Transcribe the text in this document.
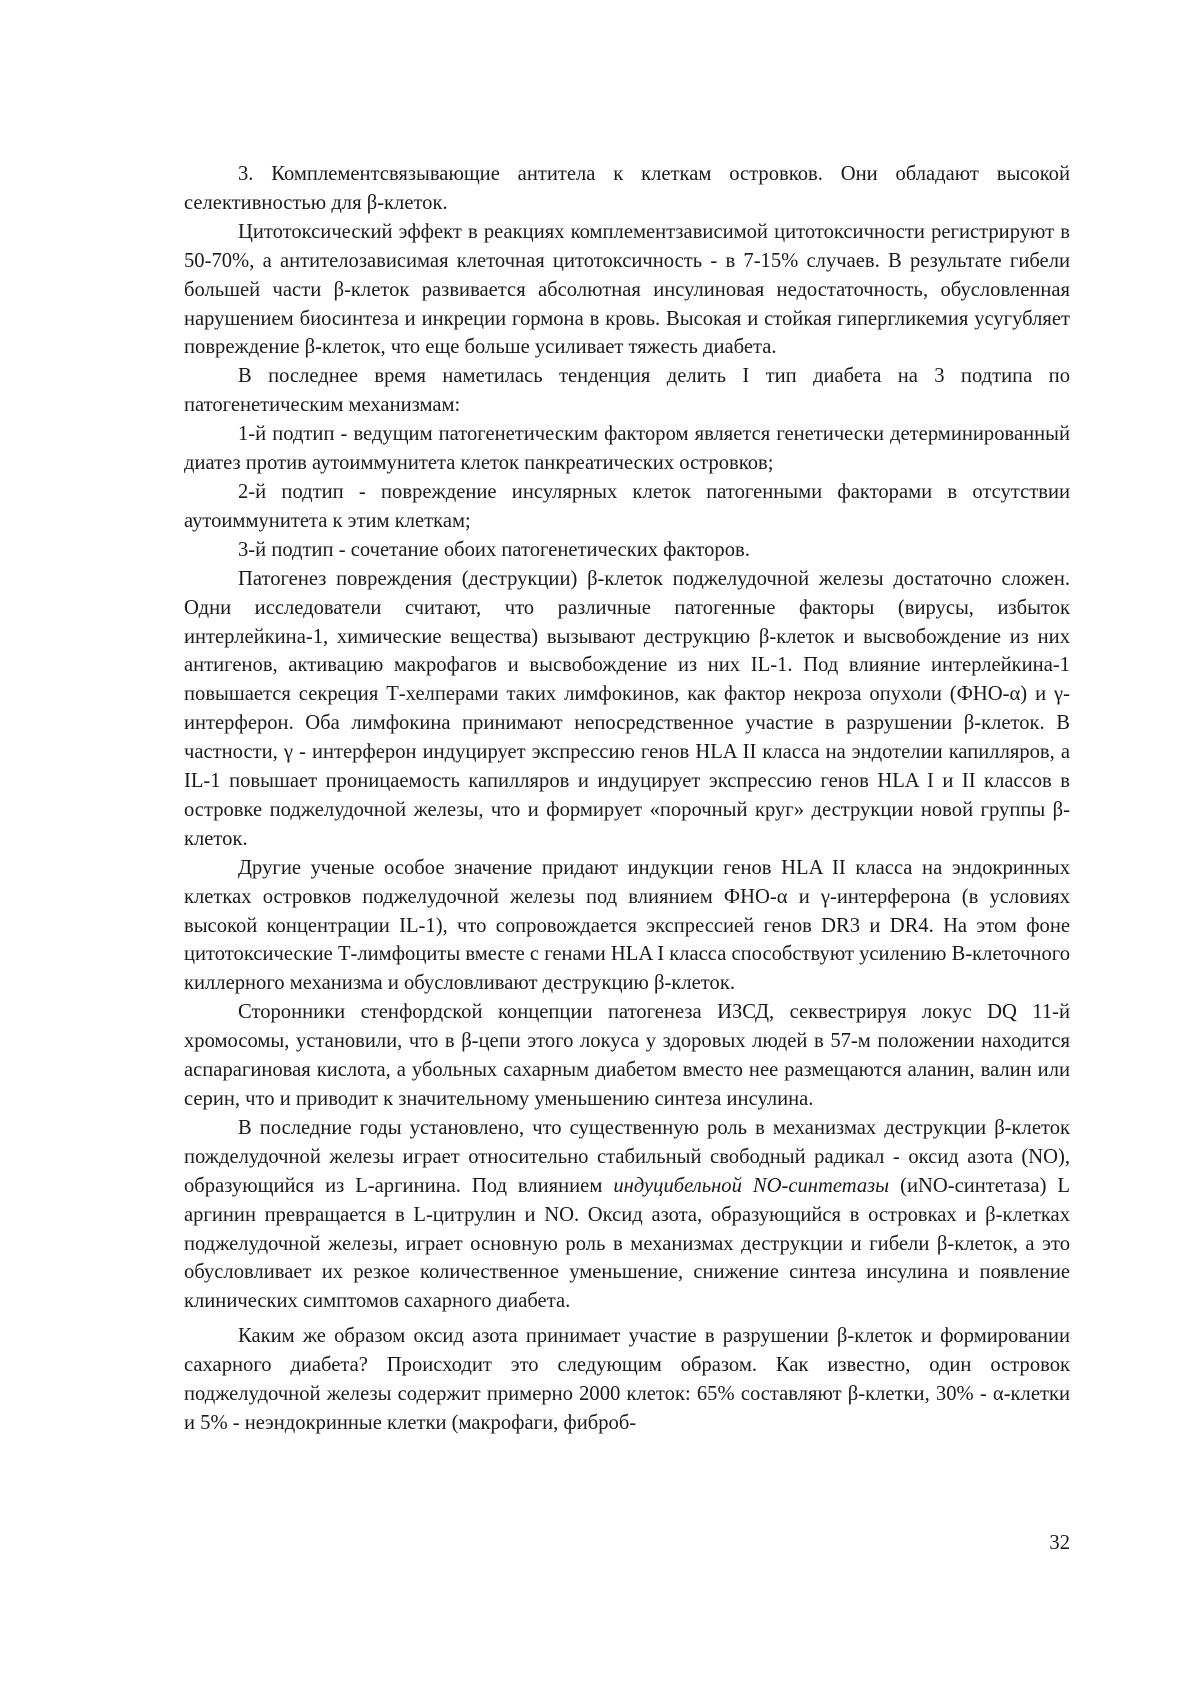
3. Комплементсвязывающие антитела к клеткам островков. Они обладают высокой селективностью для β-клеток.

Цитотоксический эффект в реакциях комплементзависимой цитотоксичности регистрируют в 50-70%, а антителозависимая клеточная цитотоксичность - в 7-15% случаев. В результате гибели большей части β-клеток развивается абсолютная инсулиновая недостаточность, обусловленная нарушением биосинтеза и инкреции гормона в кровь. Высокая и стойкая гипергликемия усугубляет повреждение β-клеток, что еще больше усиливает тяжесть диабета.

В последнее время наметилась тенденция делить I тип диабета на 3 подтипа по патогенетическим механизмам:

1-й подтип - ведущим патогенетическим фактором является генетически детерминированный диатез против аутоиммунитета клеток панкреатических островков;

2-й подтип - повреждение инсулярных клеток патогенными факторами в отсутствии аутоиммунитета к этим клеткам;

3-й подтип - сочетание обоих патогенетических факторов.

Патогенез повреждения (деструкции) β-клеток поджелудочной железы достаточно сложен. Одни исследователи считают, что различные патогенные факторы (вирусы, избыток интерлейкина-1, химические вещества) вызывают деструкцию β-клеток и высвобождение из них антигенов, активацию макрофагов и высвобождение из них IL-1. Под влияние интерлейкина-1 повышается секреция Т-хелперами таких лимфокинов, как фактор некроза опухоли (ФНО-α) и γ-интерферон. Оба лимфокина принимают непосредственное участие в разрушении β-клеток. В частности, γ - интерферон индуцирует экспрессию генов HLA II класса на эндотелии капилляров, а IL-1 повышает проницаемость капилляров и индуцирует экспрессию генов HLA I и II классов в островке поджелудочной железы, что и формирует «порочный круг» деструкции новой группы β-клеток.

Другие ученые особое значение придают индукции генов HLA II класса на эндокринных клетках островков поджелудочной железы под влиянием ФНО-α и γ-интерферона (в условиях высокой концентрации IL-1), что сопровождается экспрессией генов DR3 и DR4. На этом фоне цитотоксические Т-лимфоциты вместе с генами HLA I класса способствуют усилению В-клеточного киллерного механизма и обусловливают деструкцию β-клеток.

Сторонники стенфордской концепции патогенеза ИЗСД, секвестрируя локус DQ 11-й хромосомы, установили, что в β-цепи этого локуса у здоровых людей в 57-м положении находится аспарагиновая кислота, а убольных сахарным диабетом вместо нее размещаются аланин, валин или серин, что и приводит к значительному уменьшению синтеза инсулина.

В последние годы установлено, что существенную роль в механизмах деструкции β-клеток пожделудочной железы играет относительно стабильный свободный радикал - оксид азота (NO), образующийся из L-аргинина. Под влиянием индуцибельной NO-синтетазы (иNO-синтетаза) L аргинин превращается в L-цитрулин и NO. Оксид азота, образующийся в островках и β-клетках поджелудочной железы, играет основную роль в механизмах деструкции и гибели β-клеток, а это обусловливает их резкое количественное уменьшение, снижение синтеза инсулина и появление клинических симптомов сахарного диабета.

Каким же образом оксид азота принимает участие в разрушении β-клеток и формировании сахарного диабета? Происходит это следующим образом. Как известно, один островок поджелудочной железы содержит примерно 2000 клеток: 65% составляют β-клетки, 30% - α-клетки и 5% - неэндокринные клетки (макрофаги, фиброб-

32
